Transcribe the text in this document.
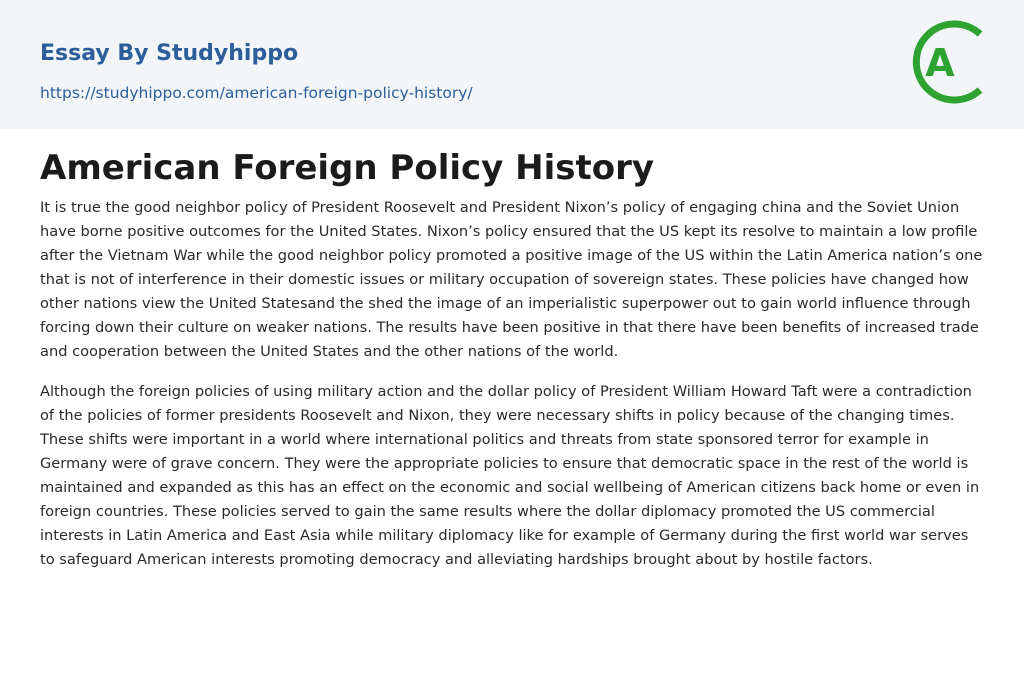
Essay By Studyhippo
https://studyhippo.com/american-foreign-policy-history/
A
American Foreign Policy History

It is true the good neighbor policy of President Roosevelt and President Nixon’s policy of engaging china and the Soviet Union have borne positive outcomes for the United States. Nixon’s policy ensured that the US kept its resolve to maintain a low profile after the Vietnam War while the good neighbor policy promoted a positive image of the US within the Latin America nation’s one that is not of interference in their domestic issues or military occupation of sovereign states. These policies have changed how other nations view the United Statesand the shed the image of an imperialistic superpower out to gain world influence through forcing down their culture on weaker nations. The results have been positive in that there have been benefits of increased trade and cooperation between the United States and the other nations of the world.

Although the foreign policies of using military action and the dollar policy of President William Howard Taft were a contradiction of the policies of former presidents Roosevelt and Nixon, they were necessary shifts in policy because of the changing times. These shifts were important in a world where international politics and threats from state sponsored terror for example in Germany were of grave concern. They were the appropriate policies to ensure that democratic space in the rest of the world is maintained and expanded as this has an effect on the economic and social wellbeing of American citizens back home or even in foreign countries. These policies served to gain the same results where the dollar diplomacy promoted the US commercial interests in Latin America and East Asia while military diplomacy like for example of Germany during the first world war serves to safeguard American interests promoting democracy and alleviating hardships brought about by hostile factors.
